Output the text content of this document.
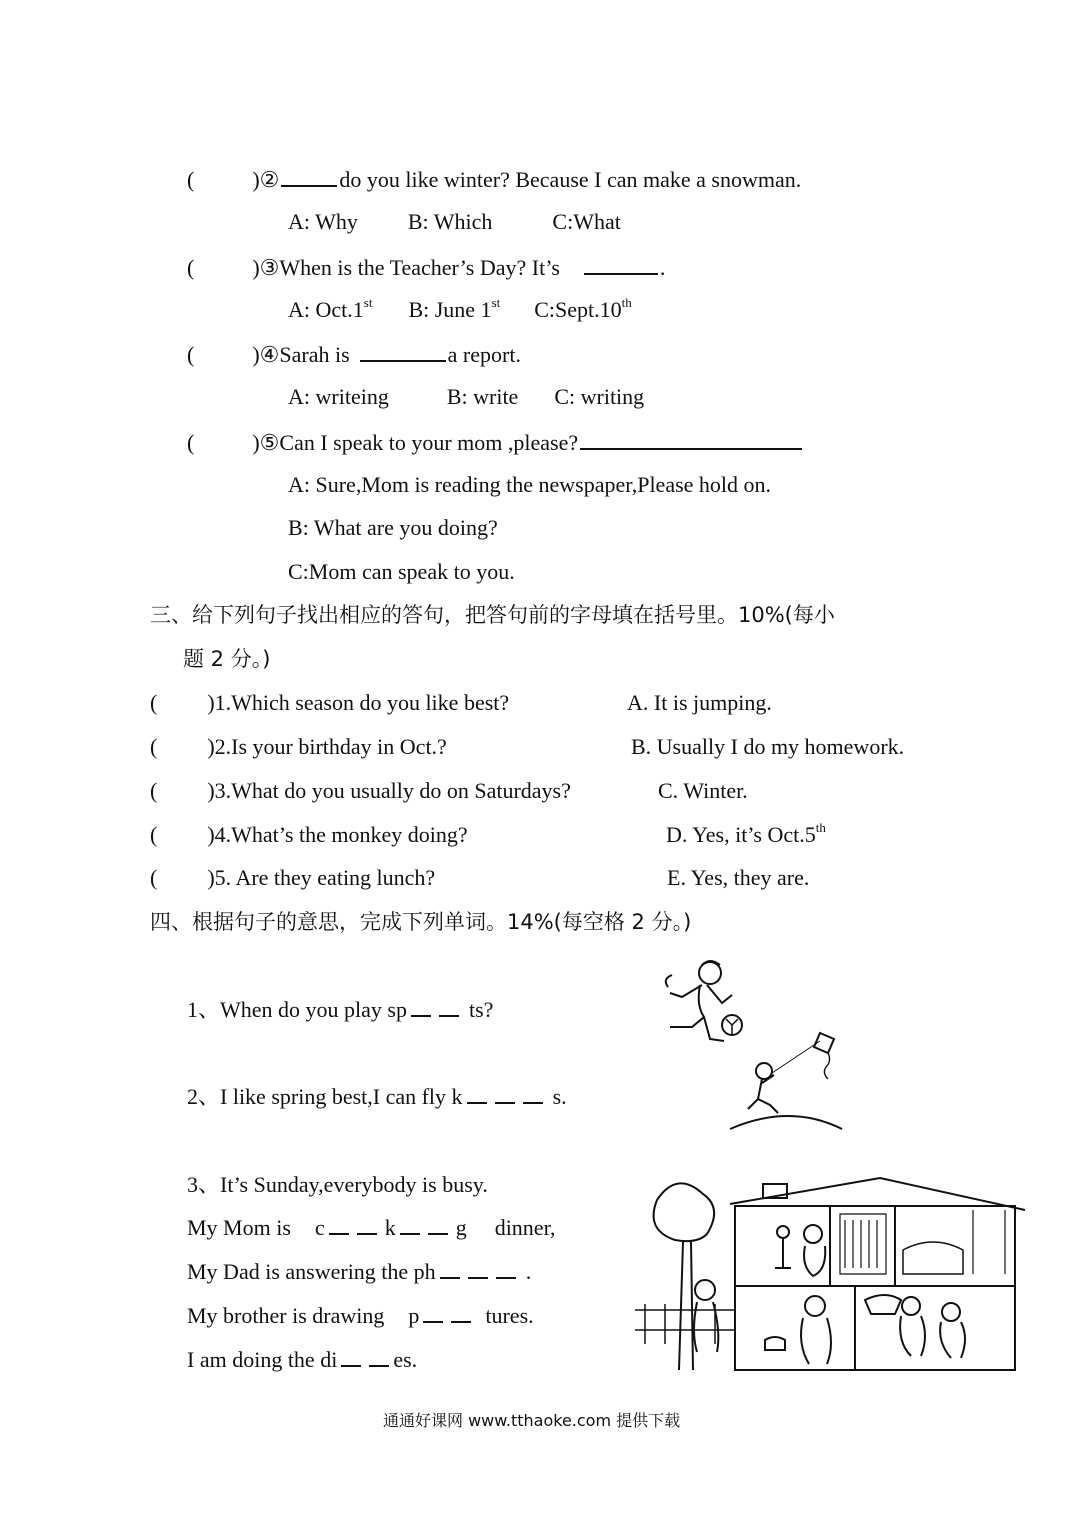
(	)②	do you like winter? Because I can make a snowman.
A: Why B: Which	C:What
(	)③When is the Teacher’s Day? It’s	.
A: Oct.1st B: June 1st C:Sept.10th
(	)④Sarah is	a report.
A: writeing	B: write C: writing
(	)⑤Can I speak to your mom ,please?
A: Sure,Mom is reading the newspaper,Please hold on.
B: What are you doing?
C:Mom can speak to you.
三、给下列句子找出相应的答句，把答句前的字母填在括号里。10%(每小
题 2 分。)
( )1.Which season do you like best?	A. It is jumping.
( )2.Is your birthday in Oct.?	B. Usually I do my homework.
( )3.What do you usually do on Saturdays?	C. Winter.
( )4.What’s the monkey doing?	D. Yes, it’s Oct.5th
( )5. Are they eating lunch?	E. Yes, they are.
四、根据句子的意思，完成下列单词。14%(每空格 2 分。)
1、When do you play sp	ts?
2、I like spring best,I can fly k	s.
3、It’s Sunday,everybody is busy.
My Mom is c	k	g dinner,
My Dad is answering the ph	.
My brother is drawing p	tures.
I am doing the di	es.
通通好课网 www.tthaoke.com 提供下载
